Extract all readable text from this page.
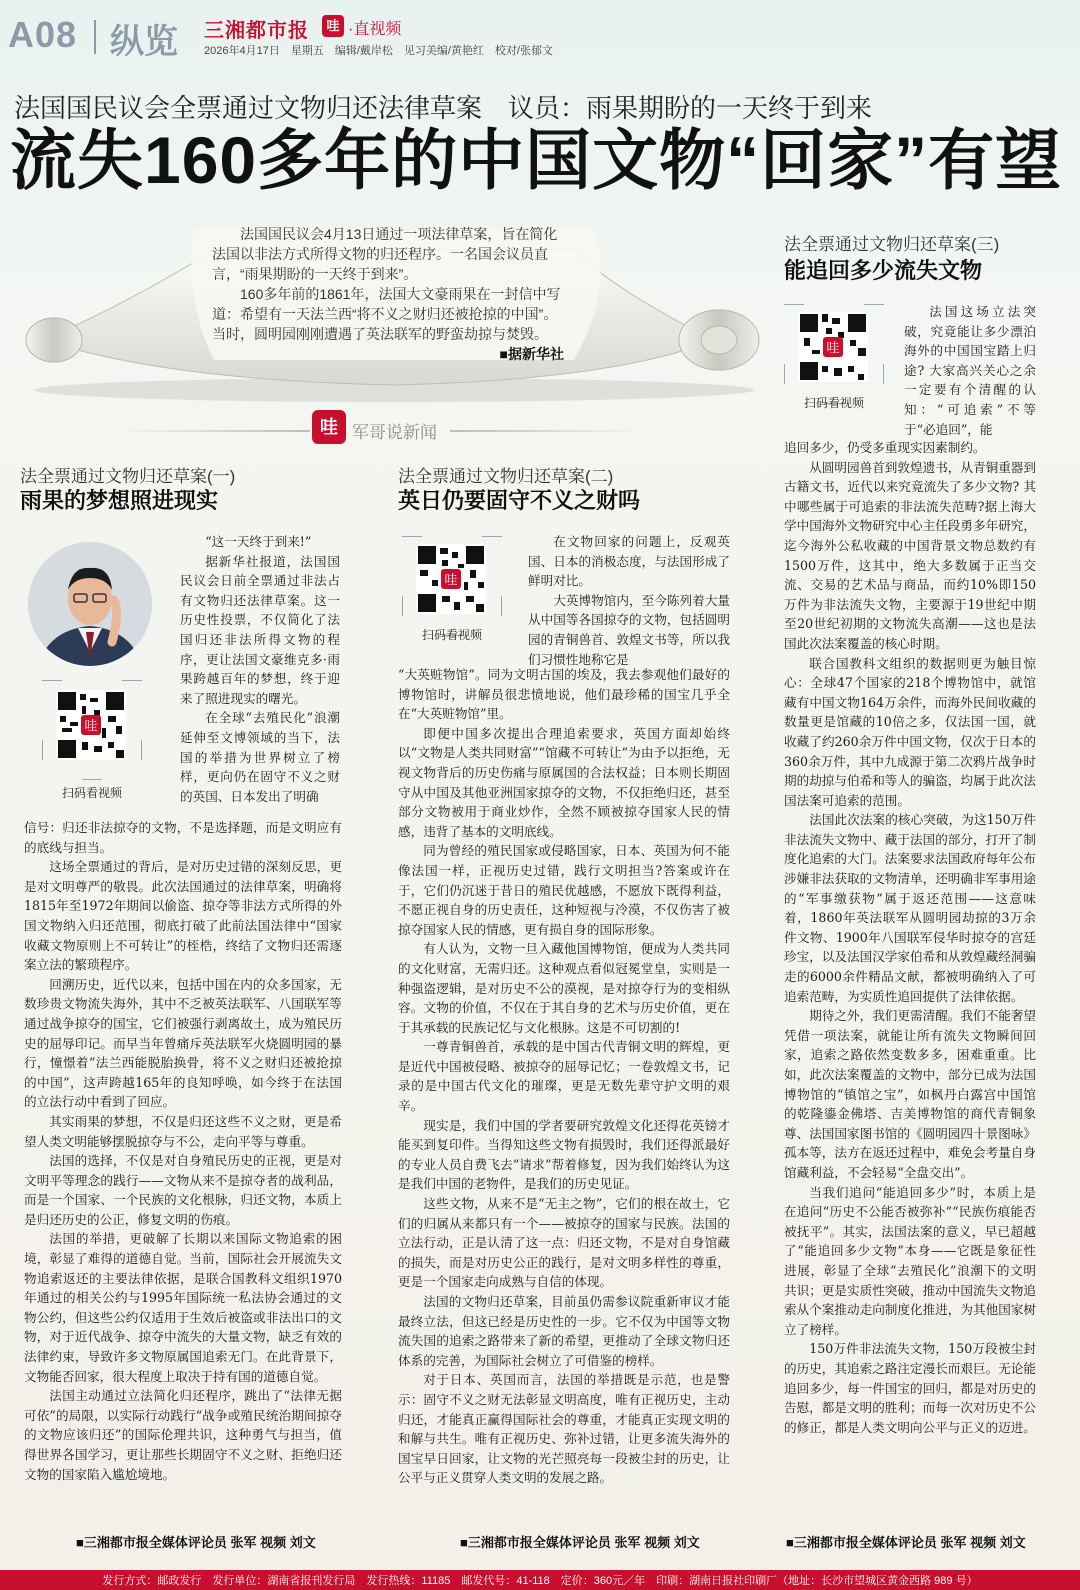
A08 纵览 三湘都市报	哇 ·直视频
2026年4月17日　星期五　编辑/戴岸松　见习美编/黄艳红　校对/张郁文
法国国民议会全票通过文物归还法律草案　议员：雨果期盼的一天终于到来
流失160多年的中国文物“回家”有望

法国国民议会4月13日通过一项法律草案，旨在简化法国以非法方式所得文物的归还程序。一名国会议员直言，“雨果期盼的一天终于到来”。

160多年前的1861年，法国大文豪雨果在一封信中写道：希望有一天法兰西“将不义之财归还被抢掠的中国”。当时，圆明园刚刚遭遇了英法联军的野蛮劫掠与焚毁。

■据新华社
哇 军哥说新闻
法全票通过文物归还草案(一)
雨果的梦想照进现实
哇
扫码看视频

“这一天终于到来!”

据新华社报道，法国国民议会日前全票通过非法占有文物归还法律草案。这一历史性投票，不仅简化了法国归还非法所得文物的程序，更让法国文豪维克多·雨果跨越百年的梦想，终于迎来了照进现实的曙光。

在全球“去殖民化”浪潮延伸至文博领域的当下，法国的举措为世界树立了榜样，更向仍在固守不义之财的英国、日本发出了明确

信号：归还非法掠夺的文物，不是选择题，而是文明应有的底线与担当。

这场全票通过的背后，是对历史过错的深刻反思，更是对文明尊严的敬畏。此次法国通过的法律草案，明确将1815年至1972年期间以偷盗、掠夺等非法方式所得的外国文物纳入归还范围，彻底打破了此前法国法律中“国家收藏文物原则上不可转让”的桎梏，终结了文物归还需逐案立法的繁琐程序。

回溯历史，近代以来，包括中国在内的众多国家，无数珍贵文物流失海外，其中不乏被英法联军、八国联军等通过战争掠夺的国宝，它们被强行剥离故土，成为殖民历史的屈辱印记。而早当年曾痛斥英法联军火烧圆明园的暴行，憧憬着“法兰西能脱胎换骨，将不义之财归还被抢掠的中国”，这声跨越165年的良知呼唤，如今终于在法国的立法行动中看到了回应。

其实雨果的梦想，不仅是归还这些不义之财，更是希望人类文明能够摆脱掠夺与不公，走向平等与尊重。

法国的选择，不仅是对自身殖民历史的正视，更是对文明平等理念的践行——文物从来不是掠夺者的战利品，而是一个国家、一个民族的文化根脉，归还文物，本质上是归还历史的公正，修复文明的伤痕。

法国的举措，更破解了长期以来国际文物追索的困境，彰显了难得的道德自觉。当前，国际社会开展流失文物追索返还的主要法律依据，是联合国教科文组织1970年通过的相关公约与1995年国际统一私法协会通过的文物公约，但这些公约仅适用于生效后被盗或非法出口的文物，对于近代战争、掠夺中流失的大量文物，缺乏有效的法律约束，导致许多文物原属国追索无门。在此背景下，文物能否回家，很大程度上取决于持有国的道德自觉。

法国主动通过立法简化归还程序，跳出了“法律无据可依”的局限，以实际行动践行“战争或殖民统治期间掠夺的文物应该归还”的国际伦理共识，这种勇气与担当，值得世界各国学习，更让那些长期固守不义之财、拒绝归还文物的国家陷入尴尬境地。

■三湘都市报全媒体评论员 张军 视频 刘文
法全票通过文物归还草案(二)
英日仍要固守不义之财吗
哇
扫码看视频

在文物回家的问题上，反观英国、日本的消极态度，与法国形成了鲜明对比。

大英博物馆内，至今陈列着大量从中国等各国掠夺的文物，包括圆明园的青铜兽首、敦煌文书等，所以我们习惯性地称它是

“大英赃物馆”。同为文明古国的埃及，我去参观他们最好的博物馆时，讲解员很悲愤地说，他们最珍稀的国宝几乎全在“大英赃物馆”里。

即便中国多次提出合理追索要求，英国方面却始终以“文物是人类共同财富”“馆藏不可转让”为由予以拒绝，无视文物背后的历史伤痛与原属国的合法权益；日本则长期固守从中国及其他亚洲国家掠夺的文物，不仅拒绝归还，甚至部分文物被用于商业炒作，全然不顾被掠夺国家人民的情感，违背了基本的文明底线。

同为曾经的殖民国家或侵略国家，日本、英国为何不能像法国一样，正视历史过错，践行文明担当?答案或许在于，它们仍沉迷于昔日的殖民优越感，不愿放下既得利益，不愿正视自身的历史责任，这种短视与冷漠，不仅伤害了被掠夺国家人民的情感，更有损自身的国际形象。

有人认为，文物一旦入藏他国博物馆，便成为人类共同的文化财富，无需归还。这种观点看似冠冕堂皇，实则是一种强盗逻辑，是对历史不公的漠视，是对掠夺行为的变相纵容。文物的价值，不仅在于其自身的艺术与历史价值，更在于其承载的民族记忆与文化根脉。这是不可切割的!

一尊青铜兽首，承载的是中国古代青铜文明的辉煌，更是近代中国被侵略、被掠夺的屈辱记忆；一卷敦煌文书，记录的是中国古代文化的璀璨，更是无数先辈守护文明的艰辛。

现实是，我们中国的学者要研究敦煌文化还得花英镑才能买到复印件。当得知这些文物有损毁时，我们还得派最好的专业人员自费飞去“请求”帮着修复，因为我们始终认为这是我们中国的老物件，是我们的历史见证。

这些文物，从来不是“无主之物”，它们的根在故土，它们的归属从来都只有一个——被掠夺的国家与民族。法国的立法行动，正是认清了这一点：归还文物，不是对自身馆藏的损失，而是对历史公正的践行，是对文明多样性的尊重，更是一个国家走向成熟与自信的体现。

法国的文物归还草案，目前虽仍需参议院重新审议才能最终立法，但这已经是历史性的一步。它不仅为中国等文物流失国的追索之路带来了新的希望，更推动了全球文物归还体系的完善，为国际社会树立了可借鉴的榜样。

对于日本、英国而言，法国的举措既是示范，也是警示：固守不义之财无法彰显文明高度，唯有正视历史，主动归还，才能真正赢得国际社会的尊重，才能真正实现文明的和解与共生。唯有正视历史、弥补过错，让更多流失海外的国宝早日回家，让文物的光芒照亮每一段被尘封的历史，让公平与正义贯穿人类文明的发展之路。

■三湘都市报全媒体评论员 张军 视频 刘文
法全票通过文物归还草案(三)
能追回多少流失文物
哇
扫码看视频

法国这场立法突破，究竟能让多少漂泊海外的中国国宝踏上归途? 大家高兴关心之余一定要有个清醒的认知：“可追索”不等于“必追回”，能

追回多少，仍受多重现实因素制约。

从圆明园兽首到敦煌遗书，从青铜重器到古籍文书，近代以来究竟流失了多少文物? 其中哪些属于可追索的非法流失范畴?据上海大学中国海外文物研究中心主任段勇多年研究，迄今海外公私收藏的中国背景文物总数约有1500万件，这其中，绝大多数属于正当交流、交易的艺术品与商品，而约10%即150万件为非法流失文物，主要源于19世纪中期至20世纪初期的文物流失高潮——这也是法国此次法案覆盖的核心时期。

联合国教科文组织的数据则更为触目惊心：全球47个国家的218个博物馆中，就馆藏有中国文物164万余件，而海外民间收藏的数量更是馆藏的10倍之多，仅法国一国，就收藏了约260余万件中国文物，仅次于日本的360余万件，其中九成源于第二次鸦片战争时期的劫掠与伯希和等人的骗盗，均属于此次法国法案可追索的范围。

法国此次法案的核心突破，为这150万件非法流失文物中、藏于法国的部分，打开了制度化追索的大门。法案要求法国政府每年公布涉嫌非法获取的文物清单，还明确非军事用途的“军事缴获物”属于返还范围——这意味着，1860年英法联军从圆明园劫掠的3万余件文物、1900年八国联军侵华时掠夺的宫廷珍宝，以及法国汉学家伯希和从敦煌藏经洞骗走的6000余件精品文献，都被明确纳入了可追索范畴，为实质性追回提供了法律依据。

期待之外，我们更需清醒。我们不能奢望凭借一项法案，就能让所有流失文物瞬间回家，追索之路依然变数多多，困难重重。比如，此次法案覆盖的文物中，部分已成为法国博物馆的“镇馆之宝”，如枫丹白露宫中国馆的乾隆鎏金佛塔、吉美博物馆的商代青铜象尊、法国国家图书馆的《圆明园四十景图咏》孤本等，法方在返还过程中，难免会考量自身馆藏利益，不会轻易“全盘交出”。

当我们追问“能追回多少”时，本质上是在追问“历史不公能否被弥补”“民族伤痕能否被抚平”。其实，法国法案的意义，早已超越了“能追回多少文物”本身——它既是象征性进展，彰显了全球“去殖民化”浪潮下的文明共识；更是实质性突破，推动中国流失文物追索从个案推动走向制度化推进，为其他国家树立了榜样。

150万件非法流失文物，150万段被尘封的历史，其追索之路注定漫长而艰巨。无论能追回多少，每一件国宝的回归，都是对历史的告慰，都是文明的胜利；而每一次对历史不公的修正，都是人类文明向公平与正义的迈进。

■三湘都市报全媒体评论员 张军 视频 刘文
发行方式：邮政发行　发行单位：湖南省报刊发行局　发行热线：11185　邮发代号：41-118　定价：360元／年　印刷：湖南日报社印刷厂（地址：长沙市望城区黄金西路 989 号）
